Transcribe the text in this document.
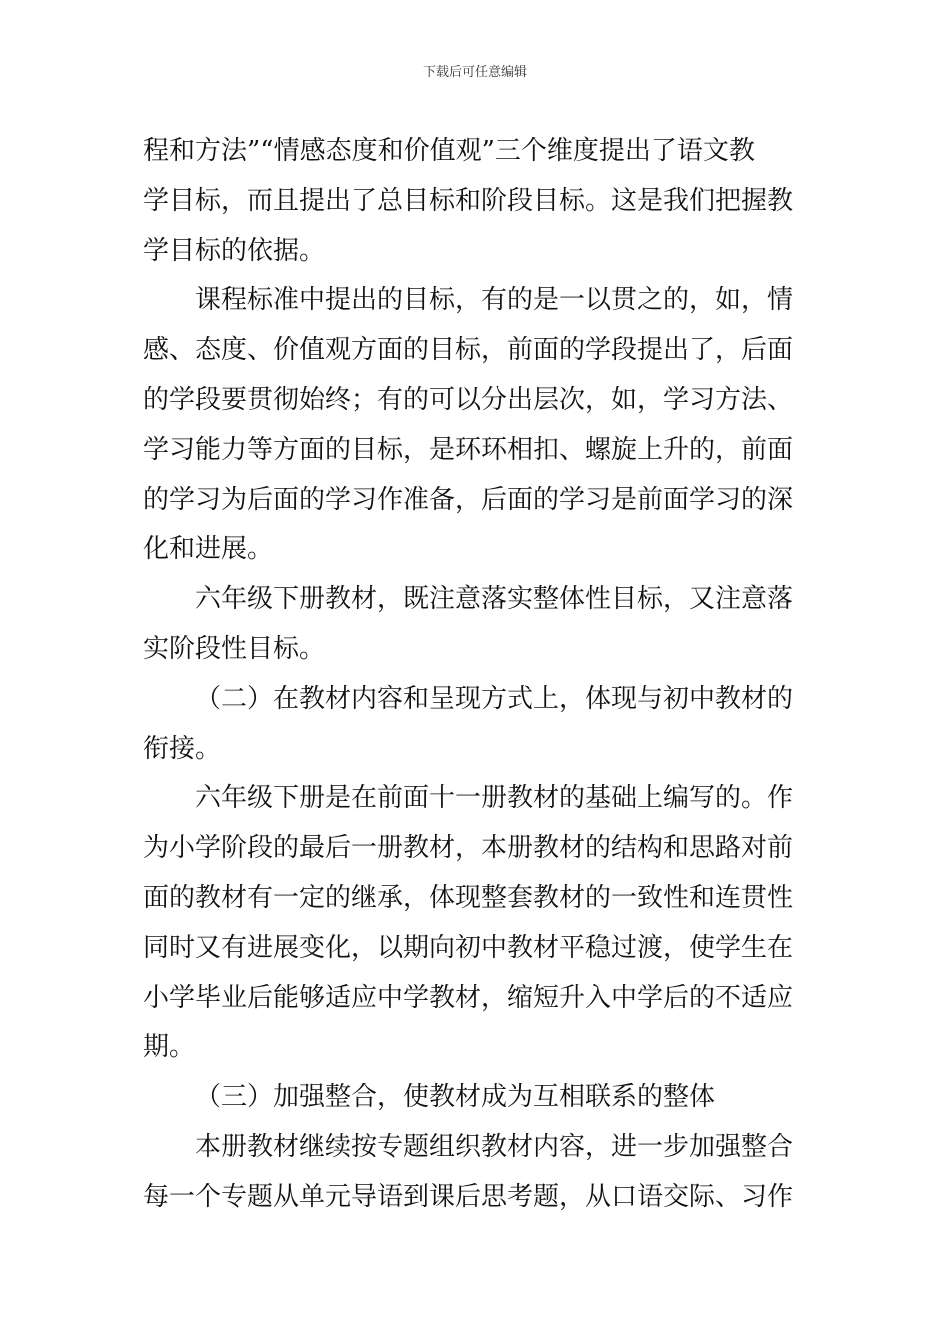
下载后可任意编辑
程和方法”“情感态度和价值观”三个维度提出了语文教
学目标，而且提出了总目标和阶段目标。这是我们把握教
学目标的依据。
课程标准中提出的目标，有的是一以贯之的，如，情
感、态度、价值观方面的目标，前面的学段提出了，后面
的学段要贯彻始终；有的可以分出层次，如，学习方法、
学习能力等方面的目标，是环环相扣、螺旋上升的，前面
的学习为后面的学习作准备，后面的学习是前面学习的深
化和进展。
六年级下册教材，既注意落实整体性目标，又注意落
实阶段性目标。
（二）在教材内容和呈现方式上，体现与初中教材的
衔接。
六年级下册是在前面十一册教材的基础上编写的。作
为小学阶段的最后一册教材，本册教材的结构和思路对前
面的教材有一定的继承，体现整套教材的一致性和连贯性
同时又有进展变化，以期向初中教材平稳过渡，使学生在
小学毕业后能够适应中学教材，缩短升入中学后的不适应
期。
（三）加强整合，使教材成为互相联系的整体
本册教材继续按专题组织教材内容，进一步加强整合
每一个专题从单元导语到课后思考题，从口语交际、习作
